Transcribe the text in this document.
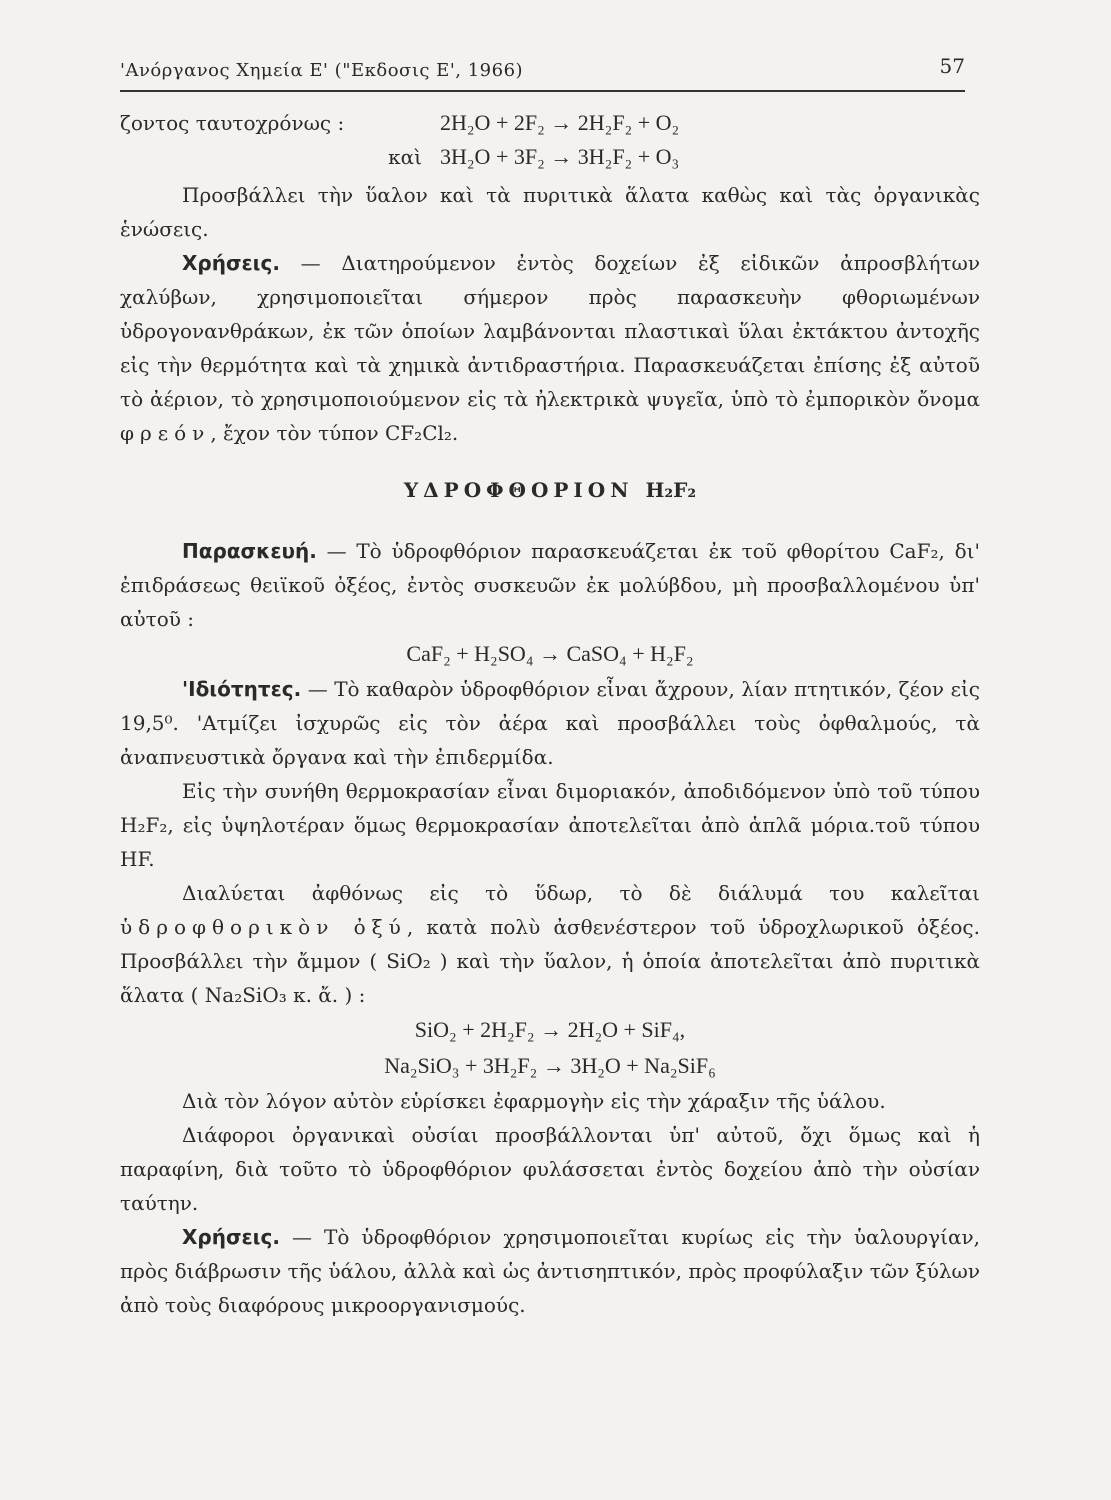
'Ανόργανος Χημεία Ε' ("Εκδοσις Ε', 1966)	57
ζοντος ταυτοχρόνως :	2H₂O + 2F₂ → 2H₂F₂ + O₂
καὶ 3H₂O + 3F₂ → 3H₂F₂ + O₃

Προσβάλλει τὴν ὕαλον καὶ τὰ πυριτικὰ ἅλατα καθὼς καὶ τὰς ὀργανικὰς ἑνώσεις.

Χρήσεις. — Διατηρούμενον ἐντὸς δοχείων ἐξ εἰδικῶν ἀπροσβλήτων χαλύβων, χρησιμοποιεῖται σήμερον πρὸς παρασκευὴν φθοριωμένων ὑδρογονανθράκων, ἐκ τῶν ὁποίων λαμβάνονται πλαστικαὶ ὕλαι ἐκτάκτου ἀντοχῆς εἰς τὴν θερμότητα καὶ τὰ χημικὰ ἀντιδραστήρια. Παρασκευάζεται ἐπίσης ἐξ αὐτοῦ τὸ ἀέριον, τὸ χρησιμοποιούμενον εἰς τὰ ἠλεκτρικὰ ψυγεῖα, ὑπὸ τὸ ἐμπορικὸν ὄνομα φρεόν, ἔχον τὸν τύπον CF₂Cl₂.

ΥΔΡΟΦΘΟΡΙΟΝ H₂F₂

Παρασκευή. — Τὸ ὑδροφθόριον παρασκευάζεται ἐκ τοῦ φθορίτου CaF₂, δι' ἐπιδράσεως θειϊκοῦ ὀξέος, ἐντὸς συσκευῶν ἐκ μολύβδου, μὴ προσβαλλομένου ὑπ' αὐτοῦ :

CaF₂ + H₂SO₄ → CaSO₄ + H₂F₂

'Ιδιότητες. — Τὸ καθαρὸν ὑδροφθόριον εἶναι ἄχρουν, λίαν πτητικόν, ζέον εἰς 19,5⁰. 'Ατμίζει ἰσχυρῶς εἰς τὸν ἀέρα καὶ προσβάλλει τοὺς ὀφθαλμούς, τὰ ἀναπνευστικὰ ὄργανα καὶ τὴν ἐπιδερμίδα.

Εἰς τὴν συνήθη θερμοκρασίαν εἶναι διμοριακόν, ἀποδιδόμενον ὑπὸ τοῦ τύπου H₂F₂, εἰς ὑψηλοτέραν ὅμως θερμοκρασίαν ἀποτελεῖται ἀπὸ ἁπλᾶ μόρια.τοῦ τύπου HF.

Διαλύεται ἀφθόνως εἰς τὸ ὕδωρ, τὸ δὲ διάλυμά του καλεῖται ὑδροφθορικὸν ὀξύ, κατὰ πολὺ ἀσθενέστερον τοῦ ὑδροχλωρικοῦ ὀξέος. Προσβάλλει τὴν ἄμμον ( SiO₂ ) καὶ τὴν ὕαλον, ἡ ὁποία ἀποτελεῖται ἀπὸ πυριτικὰ ἅλατα ( Na₂SiO₃ κ. ἄ. ) :

SiO₂ + 2H₂F₂ → 2H₂O + SiF₄,
Na₂SiO₃ + 3H₂F₂ → 3H₂O + Na₂SiF₆

Διὰ τὸν λόγον αὐτὸν εὑρίσκει ἐφαρμογὴν εἰς τὴν χάραξιν τῆς ὑάλου.

Διάφοροι ὀργανικαὶ οὐσίαι προσβάλλονται ὑπ' αὐτοῦ, ὄχι ὅμως καὶ ἡ παραφίνη, διὰ τοῦτο τὸ ὑδροφθόριον φυλάσσεται ἐντὸς δοχείου ἀπὸ τὴν οὐσίαν ταύτην.

Χρήσεις. — Τὸ ὑδροφθόριον χρησιμοποιεῖται κυρίως εἰς τὴν ὑαλουργίαν, πρὸς διάβρωσιν τῆς ὑάλου, ἀλλὰ καὶ ὡς ἀντισηπτικόν, πρὸς προφύλαξιν τῶν ξύλων ἀπὸ τοὺς διαφόρους μικροοργανισμούς.
